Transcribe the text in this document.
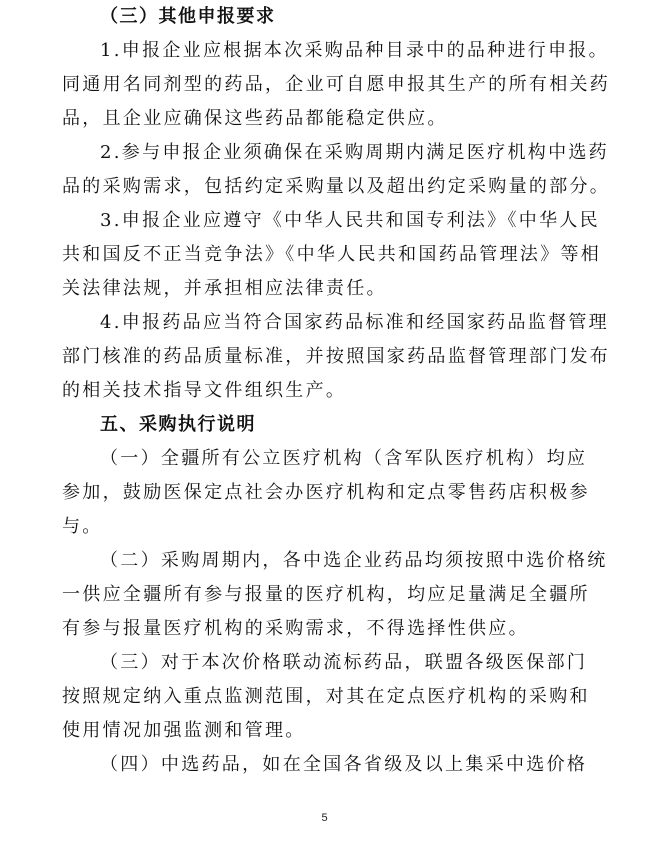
（三）其他申报要求
1.申报企业应根据本次采购品种目录中的品种进行申报。
同通用名同剂型的药品，企业可自愿申报其生产的所有相关药
品，且企业应确保这些药品都能稳定供应。
2.参与申报企业须确保在采购周期内满足医疗机构中选药
品的采购需求，包括约定采购量以及超出约定采购量的部分。
3.申报企业应遵守《中华人民共和国专利法》《中华人民
共和国反不正当竞争法》《中华人民共和国药品管理法》等相
关法律法规，并承担相应法律责任。
4.申报药品应当符合国家药品标准和经国家药品监督管理
部门核准的药品质量标准，并按照国家药品监督管理部门发布
的相关技术指导文件组织生产。
五、采购执行说明
（一）全疆所有公立医疗机构（含军队医疗机构）均应
参加，鼓励医保定点社会办医疗机构和定点零售药店积极参
与。
（二）采购周期内，各中选企业药品均须按照中选价格统
一供应全疆所有参与报量的医疗机构，均应足量满足全疆所
有参与报量医疗机构的采购需求，不得选择性供应。
（三）对于本次价格联动流标药品，联盟各级医保部门
按照规定纳入重点监测范围，对其在定点医疗机构的采购和
使用情况加强监测和管理。
（四）中选药品，如在全国各省级及以上集采中选价格
5
